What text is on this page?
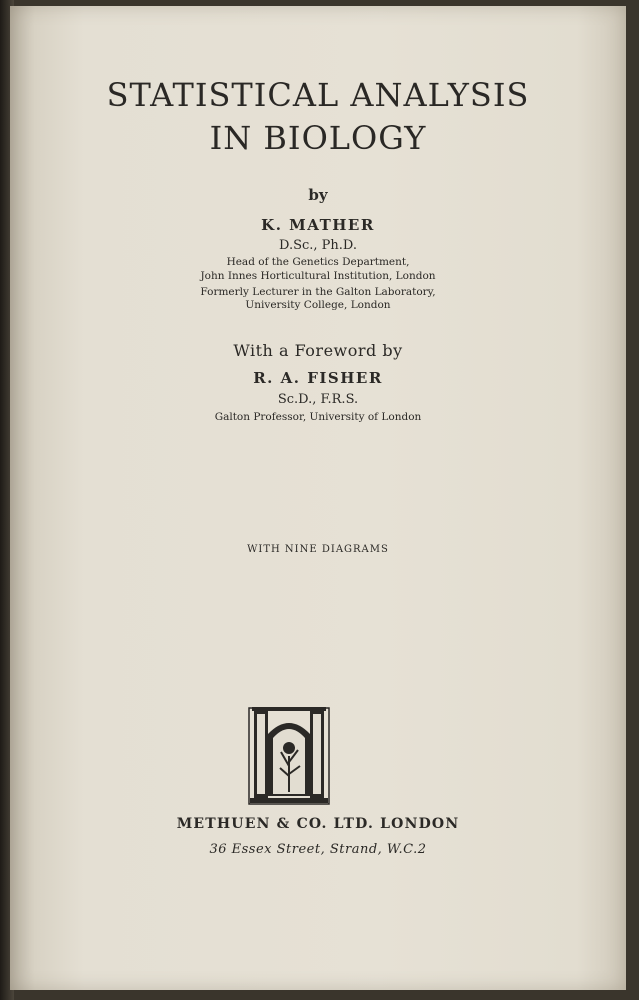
STATISTICAL ANALYSIS
IN BIOLOGY
by
K. MATHER
D.Sc., Ph.D.
Head of the Genetics Department,
John Innes Horticultural Institution, London
Formerly Lecturer in the Galton Laboratory,
University College, London
With a Foreword by
R. A. FISHER
Sc.D., F.R.S.
Galton Professor, University of London
WITH NINE DIAGRAMS
METHUEN & CO. LTD. LONDON
36 Essex Street, Strand, W.C.2
